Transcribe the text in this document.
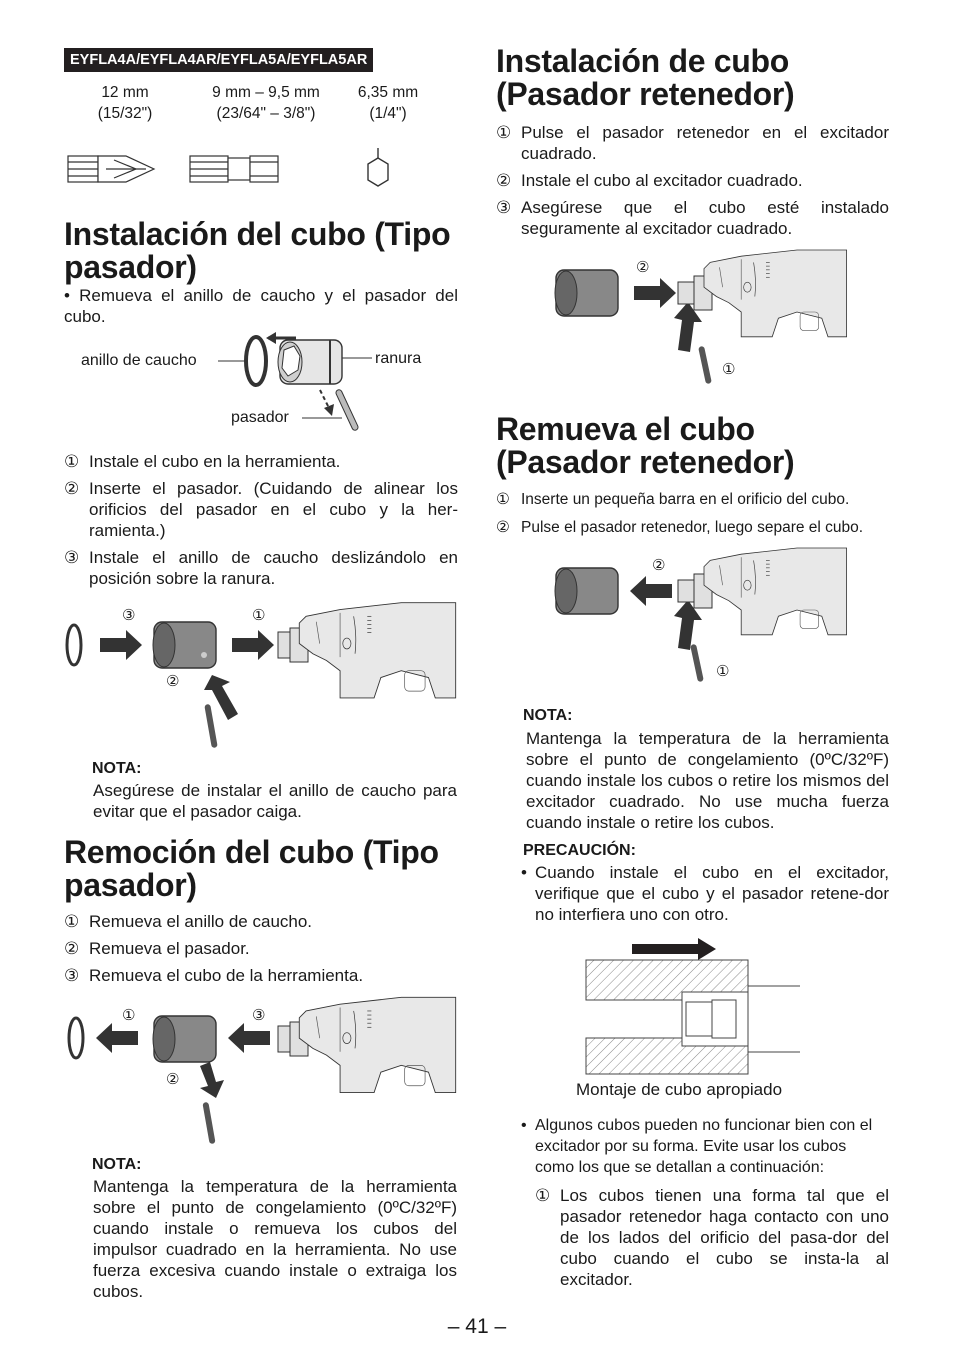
EYFLA4A/EYFLA4AR/EYFLA5A/EYFLA5AR
12 mm
(15/32")
9 mm – 9,5 mm
(23/64" – 3/8")
6,35 mm
(1/4")
Instalación del cubo (Tipo pasador)
• Remueva el anillo de caucho y el pasador del cubo.
anillo de caucho	ranura
pasador
① Instale el cubo en la herramienta.
② Inserte el pasador. (Cuidando de alinear los orificios del pasador en el cubo y la her-ramienta.)
③ Instale el anillo de caucho deslizándolo en posición sobre la ranura.
③	①
②
NOTA:
Asegúrese de instalar el anillo de caucho para evitar que el pasador caiga.
Remoción del cubo (Tipo pasador)
① Remueva el anillo de caucho.
② Remueva el pasador.
③ Remueva el cubo de la herramienta.
①	③
②
NOTA:
Mantenga la temperatura de la herramienta sobre el punto de congelamiento (0ºC/32ºF) cuando instale o remueva los cubos del impulsor cuadrado en la herramienta. No use fuerza excesiva cuando instale o extraiga los cubos.
Instalación de cubo (Pasador retenedor)
① Pulse el pasador retenedor en el excitador cuadrado.
② Instale el cubo al excitador cuadrado.
③ Asegúrese que el cubo esté instalado seguramente al excitador cuadrado.
②
①
Remueva el cubo (Pasador retenedor)
① Inserte un pequeña barra en el orificio del cubo.
② Pulse el pasador retenedor, luego separe el cubo.
②
①
NOTA:
Mantenga la temperatura de la herramienta sobre el punto de congelamiento (0ºC/32ºF) cuando instale los cubos o retire los mismos del excitador cuadrado. No use mucha fuerza cuando instale o retire los cubos.
PRECAUCIÓN:
• Cuando instale el cubo en el excitador, verifique que el cubo y el pasador retene-dor no interfiera uno con otro.
Montaje de cubo apropiado
• Algunos cubos pueden no funcionar bien con el excitador por su forma. Evite usar los cubos como los que se detallan a continuación:
① Los cubos tienen una forma tal que el pasador retenedor haga contacto con uno de los lados del orificio del pasa-dor del cubo cuando el cubo se insta-la al excitador.
– 41 –
